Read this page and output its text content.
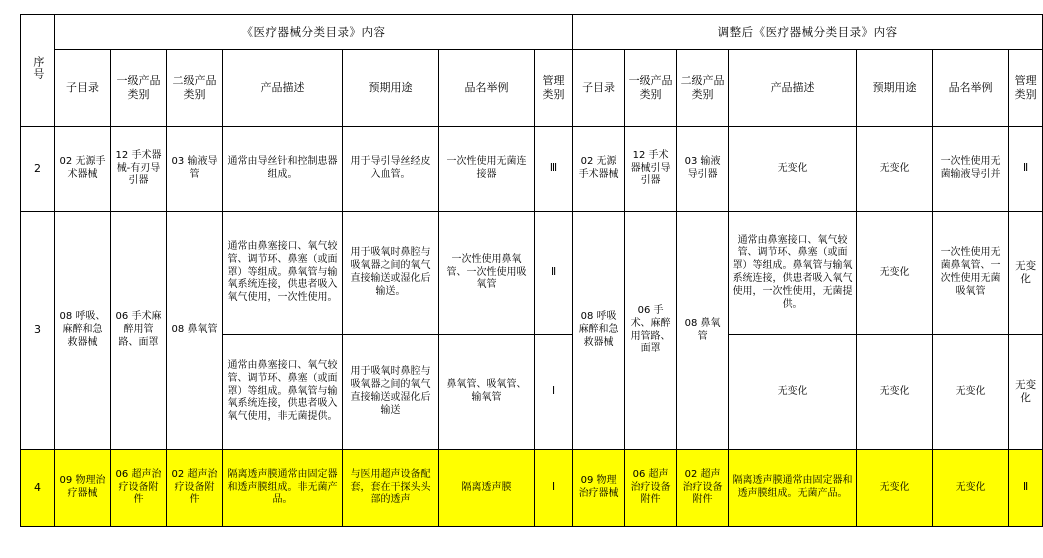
序号	《医疗器械分类目录》内容							调整后《医疗器械分类目录》内容						
	子目录	一级产品类别	二级产品类别	产品描述	预期用途	品名举例	管理类别	子目录	一级产品类别	二级产品类别	产品描述	预期用途	品名举例	管理类别
2	02 无源手术器械	12 手术器械-有刃导引器	03 输液导管	通常由导丝针和控制患器组成。	用于导引导丝经皮入血管。	一次性使用无菌连接器	Ⅲ	02 无源手术器械	12 手术器械引导引器	03 输液导引器	无变化	无变化	一次性使用无菌输液导引并	Ⅱ
3	08 呼吸、麻醉和急救器械	06 手术麻醉用管路、面罩	08 鼻氧管	通常由鼻塞接口、氧气较管、调节环、鼻塞（或面罩）等组成。鼻氧管与输氧系统连接，供患者吸入氧气使用，一次性使用。	用于吸氧时鼻腔与吸氧器之间的氧气直接输送或湿化后输送。	一次性使用鼻氧管、一次性使用吸氧管	Ⅱ	08 呼吸麻醉和急救器械	06 手术、麻醉用管路、面罩	08 鼻氧管	通常由鼻塞接口、氧气较管、调节环、鼻塞（或面罩）等组成。鼻氧管与输氧系统连接，供患者吸入氧气使用，一次性使用，无菌提供。	无变化	一次性使用无菌鼻氧管、一次性使用无菌吸氧管	无变化
				通常由鼻塞接口、氧气较管、调节环、鼻塞（或面罩）等组成。鼻氧管与输氧系统连接，供患者吸入氧气使用，非无菌提供。	用于吸氧时鼻腔与吸氧器之间的氧气直接输送或湿化后输送	鼻氧管、吸氧管、输氧管	Ⅰ				无变化	无变化	无变化	无变化
4	09 物理治疗器械	06 超声治疗设备附件	02 超声治疗设备附件	隔离透声膜通常由固定器和透声膜组成。非无菌产品。	与医用超声设备配套，套在干探头头部的透声	隔离透声膜	Ⅰ	09 物理治疗器械	06 超声治疗设备附件	02 超声治疗设备附件	隔离透声膜通常由固定器和透声膜组成。无菌产品。	无变化	无变化	Ⅱ
